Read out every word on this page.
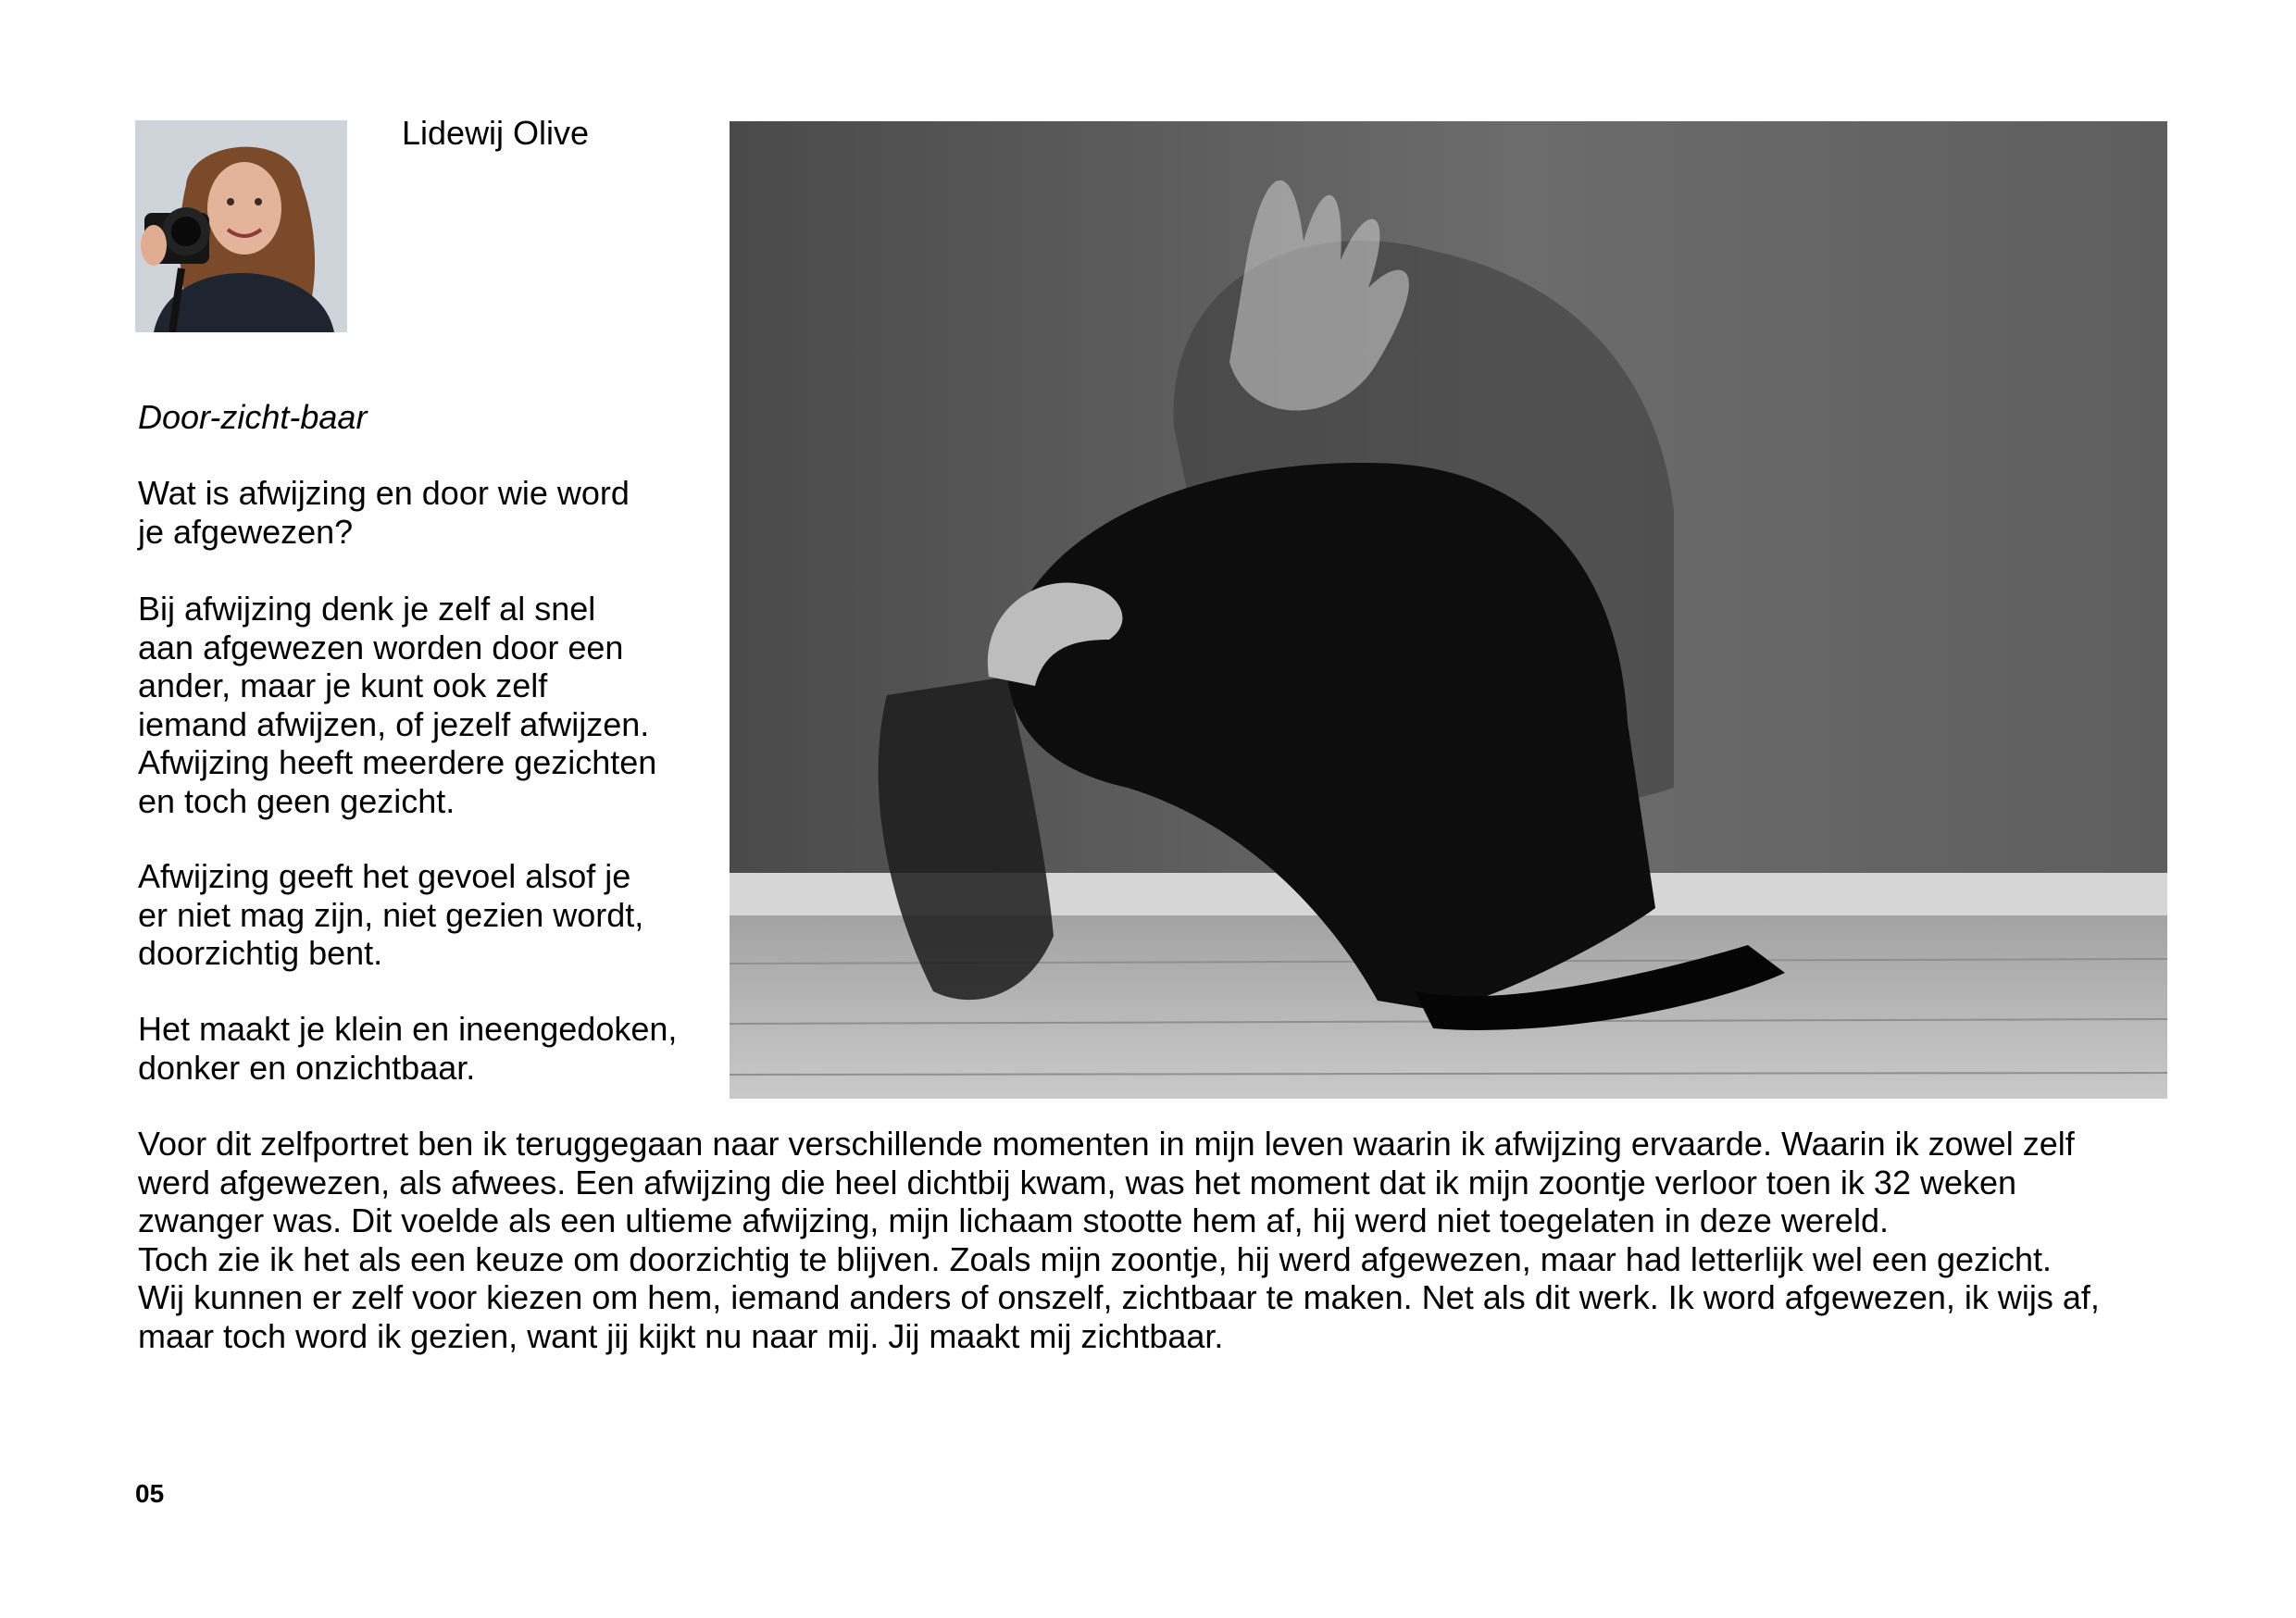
Lidewij Olive
Door-zicht-baar

Wat is afwijzing en door wie word
je afgewezen?

Bij afwijzing denk je zelf al snel
aan afgewezen worden door een
ander, maar je kunt ook zelf
iemand afwijzen, of jezelf afwijzen.
Afwijzing heeft meerdere gezichten
en toch geen gezicht.

Afwijzing geeft het gevoel alsof je
er niet mag zijn, niet gezien wordt,
doorzichtig bent.

Het maakt je klein en ineengedoken,
donker en onzichtbaar.

Voor dit zelfportret ben ik teruggegaan naar verschillende momenten in mijn leven waarin ik afwijzing ervaarde. Waarin ik zowel zelf
werd afgewezen, als afwees. Een afwijzing die heel dichtbij kwam, was het moment dat ik mijn zoontje verloor toen ik 32 weken
zwanger was. Dit voelde als een ultieme afwijzing, mijn lichaam stootte hem af, hij werd niet toegelaten in deze wereld.
Toch zie ik het als een keuze om doorzichtig te blijven. Zoals mijn zoontje, hij werd afgewezen, maar had letterlijk wel een gezicht.
Wij kunnen er zelf voor kiezen om hem, iemand anders of onszelf, zichtbaar te maken. Net als dit werk. Ik word afgewezen, ik wijs af,
maar toch word ik gezien, want jij kijkt nu naar mij. Jij maakt mij zichtbaar.

05
